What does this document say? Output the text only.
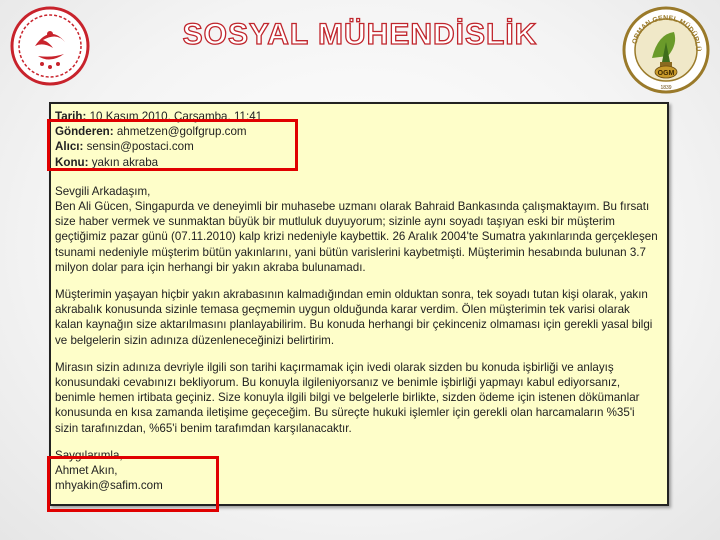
SOSYAL MÜHENDİSLİK	ORMAN GENEL MÜDÜRLÜ
OGM
1839
Tarih: 10 Kasım 2010, Çarşamba, 11:41
Gönderen: ahmetzen@golfgrup.com
Alıcı: sensin@postaci.com
Konu: yakın akraba

Sevgili Arkadaşım,

Ben Ali Gücen, Singapurda ve deneyimli bir muhasebe uzmanı olarak Bahraid Bankasında çalışmaktayım. Bu fırsatı size haber vermek ve sunmaktan büyük bir mutluluk duyuyorum; sizinle aynı soyadı taşıyan eski bir müşterim geçtiğimiz pazar günü (07.11.2010) kalp krizi nedeniyle kaybettik. 26 Aralık 2004'te Sumatra yakınlarında gerçekleşen tsunami nedeniyle müşterim bütün yakınlarını, yani bütün varislerini kaybetmişti. Müşterimin hesabında bulunan 3.7 milyon dolar para için herhangi bir yakın akraba bulunamadı.

Müşterimin yaşayan hiçbir yakın akrabasının kalmadığından emin olduktan sonra, tek soyadı tutan kişi olarak, yakın akrabalık konusunda sizinle temasa geçmemin uygun olduğunda karar verdim. Ölen müşterimin tek varisi olarak kalan kaynağın size aktarılmasını planlayabilirim. Bu konuda herhangi bir çekinceniz olmaması için gerekli yasal bilgi ve belgelerin sizin adınıza düzenleneceğinizi belirtirim.

Mirasın sizin adınıza devriyle ilgili son tarihi kaçırmamak için ivedi olarak sizden bu konuda işbirliği ve anlayış konusundaki cevabınızı bekliyorum. Bu konuyla ilgileniyorsanız ve benimle işbirliği yapmayı kabul ediyorsanız, benimle hemen irtibata geçiniz. Size konuyla ilgili bilgi ve belgelerle birlikte, sizden ödeme için istenen dökümanlar konusunda en kısa zamanda iletişime geçeceğim. Bu süreçte hukuki işlemler için gerekli olan harcamaların %35'i sizin tarafınızdan, %65'i benim tarafımdan karşılanacaktır.

Saygılarımla,
Ahmet Akın,
mhyakin@safim.com
